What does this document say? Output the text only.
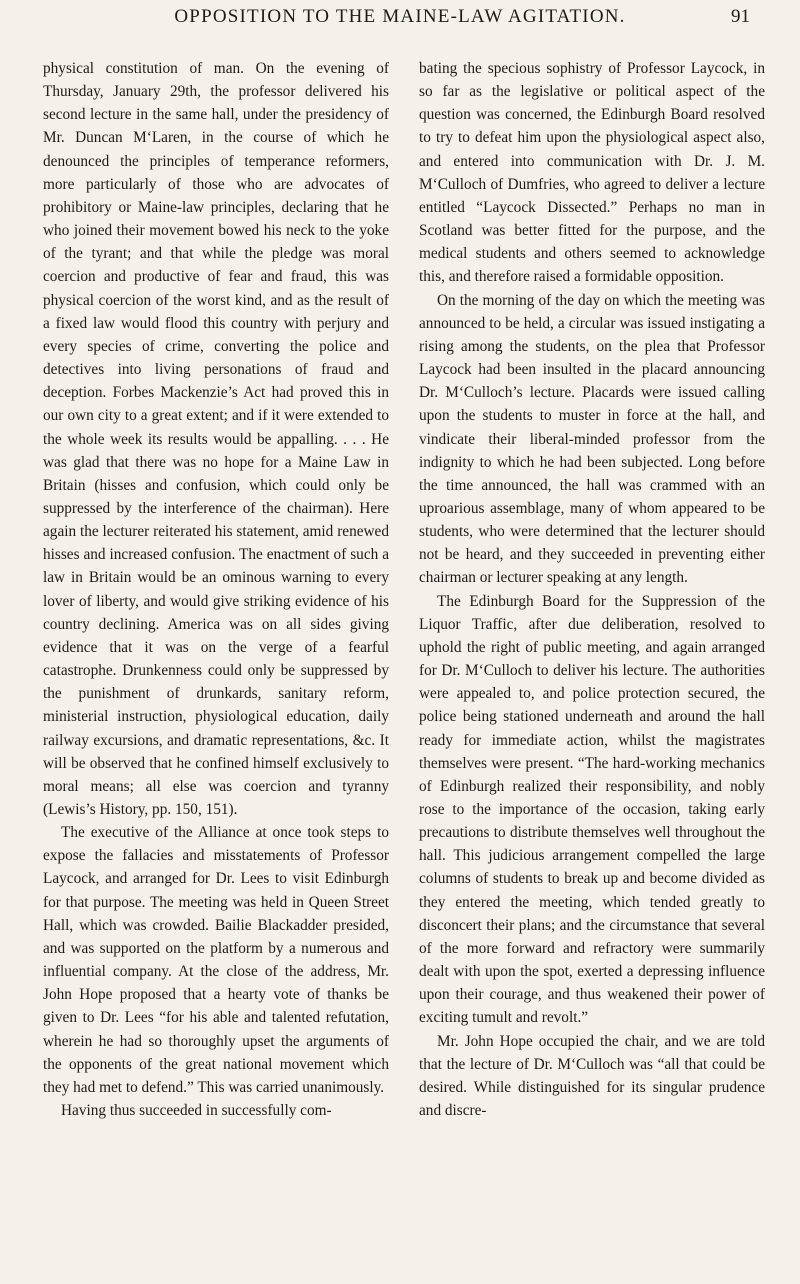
OPPOSITION TO THE MAINE-LAW AGITATION.	91

physical constitution of man. On the evening of Thursday, January 29th, the professor delivered his second lecture in the same hall, under the presidency of Mr. Duncan M‘Laren, in the course of which he denounced the principles of temperance reformers, more particularly of those who are advocates of prohibitory or Maine-law principles, declaring that he who joined their movement bowed his neck to the yoke of the tyrant; and that while the pledge was moral coercion and productive of fear and fraud, this was physical coercion of the worst kind, and as the result of a fixed law would flood this country with perjury and every species of crime, converting the police and detectives into living personations of fraud and deception. Forbes Mackenzie’s Act had proved this in our own city to a great extent; and if it were extended to the whole week its results would be appalling. . . . He was glad that there was no hope for a Maine Law in Britain (hisses and confusion, which could only be suppressed by the interference of the chairman). Here again the lecturer reiterated his statement, amid renewed hisses and increased confusion. The enactment of such a law in Britain would be an ominous warning to every lover of liberty, and would give striking evidence of his country declining. America was on all sides giving evidence that it was on the verge of a fearful catastrophe. Drunkenness could only be suppressed by the punishment of drunkards, sanitary reform, ministerial instruction, physiological education, daily railway excursions, and dramatic representations, &c. It will be observed that he confined himself exclusively to moral means; all else was coercion and tyranny (Lewis’s History, pp. 150, 151).

The executive of the Alliance at once took steps to expose the fallacies and misstatements of Professor Laycock, and arranged for Dr. Lees to visit Edinburgh for that purpose. The meeting was held in Queen Street Hall, which was crowded. Bailie Blackadder presided, and was supported on the platform by a numerous and influential company. At the close of the address, Mr. John Hope proposed that a hearty vote of thanks be given to Dr. Lees “for his able and talented refutation, wherein he had so thoroughly upset the arguments of the opponents of the great national movement which they had met to defend.” This was carried unanimously.

Having thus succeeded in successfully com-

bating the specious sophistry of Professor Laycock, in so far as the legislative or political aspect of the question was concerned, the Edinburgh Board resolved to try to defeat him upon the physiological aspect also, and entered into communication with Dr. J. M. M‘Culloch of Dumfries, who agreed to deliver a lecture entitled “Laycock Dissected.” Perhaps no man in Scotland was better fitted for the purpose, and the medical students and others seemed to acknowledge this, and therefore raised a formidable opposition.

On the morning of the day on which the meeting was announced to be held, a circular was issued instigating a rising among the students, on the plea that Professor Laycock had been insulted in the placard announcing Dr. M‘Culloch’s lecture. Placards were issued calling upon the students to muster in force at the hall, and vindicate their liberal-minded professor from the indignity to which he had been subjected. Long before the time announced, the hall was crammed with an uproarious assemblage, many of whom appeared to be students, who were determined that the lecturer should not be heard, and they succeeded in preventing either chairman or lecturer speaking at any length.

The Edinburgh Board for the Suppression of the Liquor Traffic, after due deliberation, resolved to uphold the right of public meeting, and again arranged for Dr. M‘Culloch to deliver his lecture. The authorities were appealed to, and police protection secured, the police being stationed underneath and around the hall ready for immediate action, whilst the magistrates themselves were present. “The hard-working mechanics of Edinburgh realized their responsibility, and nobly rose to the importance of the occasion, taking early precautions to distribute themselves well throughout the hall. This judicious arrangement compelled the large columns of students to break up and become divided as they entered the meeting, which tended greatly to disconcert their plans; and the circumstance that several of the more forward and refractory were summarily dealt with upon the spot, exerted a depressing influence upon their courage, and thus weakened their power of exciting tumult and revolt.”

Mr. John Hope occupied the chair, and we are told that the lecture of Dr. M‘Culloch was “all that could be desired. While distinguished for its singular prudence and discre-
